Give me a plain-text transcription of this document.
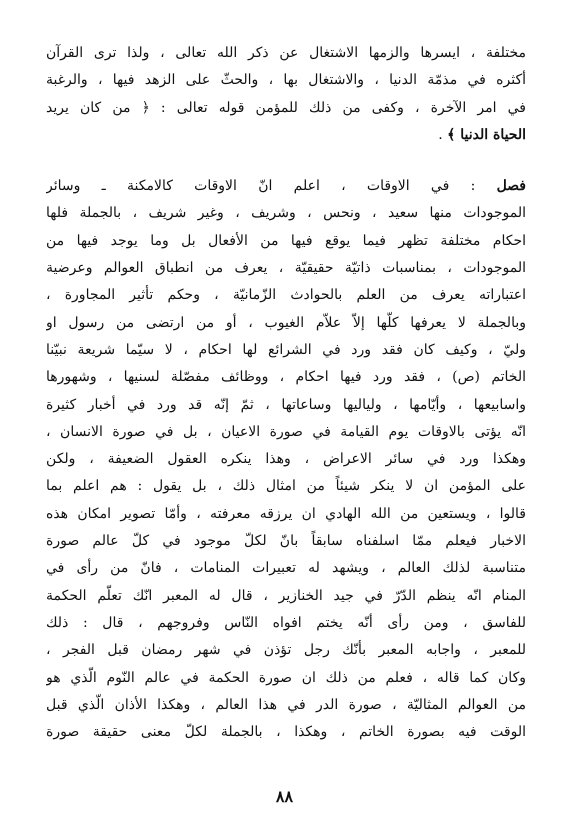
مختلفة ، ايسرها والزمها الاشتغال عن ذكر الله تعالى ، ولذا ترى القرآن
أكثره في مذمّة الدنيا ، والاشتغال بها ، والحثّ على الزهد فيها ، والرغبة
في امر الآخرة ، وكفى من ذلك للمؤمن قوله تعالى : ﴿ من كان يريد
الحياة الدنيا ﴾ .
فصل : في الاوقات ، اعلم انّ الاوقات كالامكنة ـ وسائر
الموجودات منها سعيد ، ونحس ، وشريف ، وغير شريف ، بالجملة فلها
احكام مختلفة تظهر فيما يوقع فيها من الأفعال بل وما يوجد فيها من
الموجودات ، بمناسبات ذاتيّة حقيقيّة ، يعرف من انطباق العوالم وعرضية
اعتباراته يعرف من العلم بالحوادث الزّمانيّة ، وحكم تأثير المجاورة ،
وبالجملة لا يعرفها كلّها إلاّ علاّم الغيوب ، أو من ارتضى من رسول او
وليّ ، وكيف كان فقد ورد في الشرائع لها احكام ، لا سيّما شريعة نبيّنا
الخاتم (ص) ، فقد ورد فيها احكام ، ووظائف مفصّلة لسنيها ، وشهورها
واسابيعها ، وأيّامها ، ولياليها وساعاتها ، ثمّ إنّه قد ورد في أخبار كثيرة
انّه يؤتى بالاوقات يوم القيامة في صورة الاعيان ، بل في صورة الانسان ،
وهكذا ورد في سائر الاعراض ، وهذا ينكره العقول الضعيفة ، ولكن
على المؤمن ان لا ينكر شيئاً من امثال ذلك ، بل يقول : هم اعلم بما
قالوا ، ويستعين من الله الهادي ان يرزقه معرفته ، وأمّا تصوير امكان هذه
الاخبار فيعلم ممّا اسلفناه سابقاً بانّ لكلّ موجود في كلّ عالم صورة
متناسبة لذلك العالم ، ويشهد له تعبيرات المنامات ، فانّ من رأى في
المنام انّه ينظم الدّرّ في جيد الخنازير ، قال له المعبر انّك تعلّم الحكمة
للفاسق ، ومن رأى أنّه يختم افواه النّاس وفروجهم ، قال : ذلك
للمعبر ، واجابه المعبر بأنّك رجل تؤذن في شهر رمضان قبل الفجر ،
وكان كما قاله ، فعلم من ذلك ان صورة الحكمة في عالم النّوم الّذي هو
من العوالم المثاليّة ، صورة الدر في هذا العالم ، وهكذا الأذان الّذي قبل
الوقت فيه بصورة الخاتم ، وهكذا ، بالجملة لكلّ معنى حقيقة صورة
٨٨
